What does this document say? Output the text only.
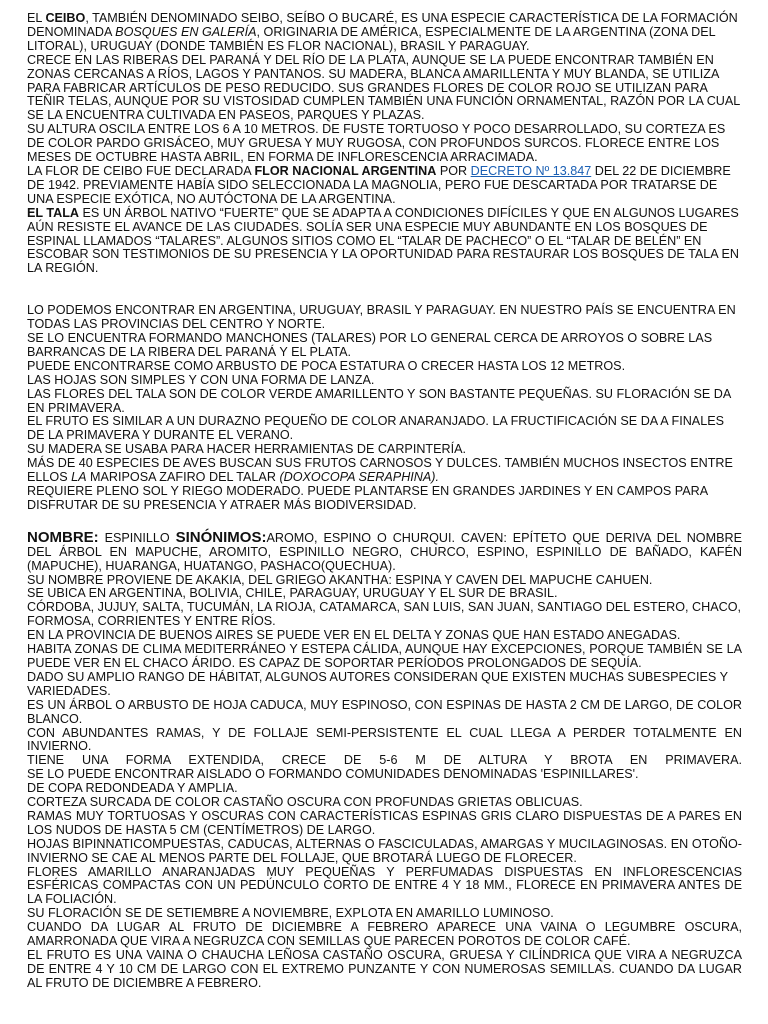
EL CEIBO, TAMBIÉN DENOMINADO SEIBO, SEÍBO O BUCARÉ, ES UNA ESPECIE CARACTERÍSTICA DE LA FORMACIÓN DENOMINADA BOSQUES EN GALERÍA, ORIGINARIA DE AMÉRICA, ESPECIALMENTE DE LA ARGENTINA (ZONA DEL LITORAL), URUGUAY (DONDE TAMBIÉN ES FLOR NACIONAL), BRASIL Y PARAGUAY.

CRECE EN LAS RIBERAS DEL PARANÁ Y DEL RÍO DE LA PLATA, AUNQUE SE LA PUEDE ENCONTRAR TAMBIÉN EN ZONAS CERCANAS A RÍOS, LAGOS Y PANTANOS. SU MADERA, BLANCA AMARILLENTA Y MUY BLANDA, SE UTILIZA PARA FABRICAR ARTÍCULOS DE PESO REDUCIDO. SUS GRANDES FLORES DE COLOR ROJO SE UTILIZAN PARA TEÑIR TELAS, AUNQUE POR SU VISTOSIDAD CUMPLEN TAMBIÉN UNA FUNCIÓN ORNAMENTAL, RAZÓN POR LA CUAL SE LA ENCUENTRA CULTIVADA EN PASEOS, PARQUES Y PLAZAS.

SU ALTURA OSCILA ENTRE LOS 6 A 10 METROS. DE FUSTE TORTUOSO Y POCO DESARROLLADO, SU CORTEZA ES DE COLOR PARDO GRISÁCEO, MUY GRUESA Y MUY RUGOSA, CON PROFUNDOS SURCOS. FLORECE ENTRE LOS MESES DE OCTUBRE HASTA ABRIL, EN FORMA DE INFLORESCENCIA ARRACIMADA.

LA FLOR DE CEIBO FUE DECLARADA FLOR NACIONAL ARGENTINA POR DECRETO Nº 13.847 DEL 22 DE DICIEMBRE DE 1942. PREVIAMENTE HABÍA SIDO SELECCIONADA LA MAGNOLIA, PERO FUE DESCARTADA POR TRATARSE DE UNA ESPECIE EXÓTICA, NO AUTÓCTONA DE LA ARGENTINA.

EL TALA ES UN ÁRBOL NATIVO “FUERTE” QUE SE ADAPTA A CONDICIONES DIFÍCILES Y QUE EN ALGUNOS LUGARES AÚN RESISTE EL AVANCE DE LAS CIUDADES. SOLÍA SER UNA ESPECIE MUY ABUNDANTE EN LOS BOSQUES DE ESPINAL LLAMADOS “TALARES”. ALGUNOS SITIOS COMO EL “TALAR DE PACHECO” O EL “TALAR DE BELÉN” EN ESCOBAR SON TESTIMONIOS DE SU PRESENCIA Y LA OPORTUNIDAD PARA RESTAURAR LOS BOSQUES DE TALA EN LA REGIÓN.

LO PODEMOS ENCONTRAR EN ARGENTINA, URUGUAY, BRASIL Y PARAGUAY. EN NUESTRO PAÍS SE ENCUENTRA EN TODAS LAS PROVINCIAS DEL CENTRO Y NORTE.

SE LO ENCUENTRA FORMANDO MANCHONES (TALARES) POR LO GENERAL CERCA DE ARROYOS O SOBRE LAS BARRANCAS DE LA RIBERA DEL PARANÁ Y EL PLATA.

PUEDE ENCONTRARSE COMO ARBUSTO DE POCA ESTATURA O CRECER HASTA LOS 12 METROS.

LAS HOJAS SON SIMPLES Y CON UNA FORMA DE LANZA.

LAS FLORES DEL TALA SON DE COLOR VERDE AMARILLENTO Y SON BASTANTE PEQUEÑAS. SU FLORACIÓN SE DA EN PRIMAVERA.

EL FRUTO ES SIMILAR A UN DURAZNO PEQUEÑO DE COLOR ANARANJADO. LA FRUCTIFICACIÓN SE DA A FINALES DE LA PRIMAVERA Y DURANTE EL VERANO.

SU MADERA SE USABA PARA HACER HERRAMIENTAS DE CARPINTERÍA.

MÁS DE 40 ESPECIES DE AVES BUSCAN SUS FRUTOS CARNOSOS Y DULCES. TAMBIÉN MUCHOS INSECTOS ENTRE ELLOS LA MARIPOSA ZAFIRO DEL TALAR (DOXOCOPA SERAPHINA).

REQUIERE PLENO SOL Y RIEGO MODERADO. PUEDE PLANTARSE EN GRANDES JARDINES Y EN CAMPOS PARA DISFRUTAR DE SU PRESENCIA Y ATRAER MÁS BIODIVERSIDAD.

NOMBRE: ESPINILLO SINÓNIMOS:AROMO, ESPINO O CHURQUI. CAVEN: EPÍTETO QUE DERIVA DEL NOMBRE DEL ÁRBOL EN MAPUCHE, AROMITO, ESPINILLO NEGRO, CHURCO, ESPINO, ESPINILLO DE BAÑADO, KAFÉN (MAPUCHE), HUARANGA, HUATANGO, PASHACO(QUECHUA).

SU NOMBRE PROVIENE DE AKAKIA, DEL GRIEGO AKANTHA: ESPINA Y CAVEN DEL MAPUCHE CAHUEN.

SE UBICA EN ARGENTINA, BOLIVIA, CHILE, PARAGUAY, URUGUAY Y EL SUR DE BRASIL.

CÓRDOBA, JUJUY, SALTA, TUCUMÁN, LA RIOJA, CATAMARCA, SAN LUIS, SAN JUAN, SANTIAGO DEL ESTERO, CHACO, FORMOSA, CORRIENTES Y ENTRE RÍOS.

EN LA PROVINCIA DE BUENOS AIRES SE PUEDE VER EN EL DELTA Y ZONAS QUE HAN ESTADO ANEGADAS.

HABITA ZONAS DE CLIMA MEDITERRÁNEO Y ESTEPA CÁLIDA, AUNQUE HAY EXCEPCIONES, PORQUE TAMBIÉN SE LA PUEDE VER EN EL CHACO ÁRIDO. ES CAPAZ DE SOPORTAR PERÍODOS PROLONGADOS DE SEQUÍA.

DADO SU AMPLIO RANGO DE HÁBITAT, ALGUNOS AUTORES CONSIDERAN QUE EXISTEN MUCHAS SUBESPECIES Y VARIEDADES.

ES UN ÁRBOL O ARBUSTO DE HOJA CADUCA, MUY ESPINOSO, CON ESPINAS DE HASTA 2 CM DE LARGO, DE COLOR BLANCO.

CON ABUNDANTES RAMAS, Y DE FOLLAJE SEMI-PERSISTENTE EL CUAL LLEGA A PERDER TOTALMENTE EN INVIERNO.

TIENE UNA FORMA EXTENDIDA, CRECE DE 5-6 M DE ALTURA Y BROTA EN PRIMAVERA.

SE LO PUEDE ENCONTRAR AISLADO O FORMANDO COMUNIDADES DENOMINADAS 'ESPINILLARES'.

DE COPA REDONDEADA Y AMPLIA.

CORTEZA SURCADA DE COLOR CASTAÑO OSCURA CON PROFUNDAS GRIETAS OBLICUAS.

RAMAS MUY TORTUOSAS Y OSCURAS CON CARACTERÍSTICAS ESPINAS GRIS CLARO DISPUESTAS DE A PARES EN LOS NUDOS DE HASTA 5 CM (CENTÍMETROS) DE LARGO.

HOJAS BIPINNATICOMPUESTAS, CADUCAS, ALTERNAS O FASCICULADAS, AMARGAS Y MUCILAGINOSAS. EN OTOÑO-INVIERNO SE CAE AL MENOS PARTE DEL FOLLAJE, QUE BROTARÁ LUEGO DE FLORECER.

FLORES AMARILLO ANARANJADAS MUY PEQUEÑAS Y PERFUMADAS DISPUESTAS EN INFLORESCENCIAS ESFÉRICAS COMPACTAS CON UN PEDÚNCULO CORTO DE ENTRE 4 Y 18 MM., FLORECE EN PRIMAVERA ANTES DE LA FOLIACIÓN.

SU FLORACIÓN SE DE SETIEMBRE A NOVIEMBRE, EXPLOTA EN AMARILLO LUMINOSO.

CUANDO DA LUGAR AL FRUTO DE DICIEMBRE A FEBRERO APARECE UNA VAINA O LEGUMBRE OSCURA, AMARRONADA QUE VIRA A NEGRUZCA CON SEMILLAS QUE PARECEN POROTOS DE COLOR CAFÉ.

EL FRUTO ES UNA VAINA O CHAUCHA LEÑOSA CASTAÑO OSCURA, GRUESA Y CILÍNDRICA QUE VIRA A NEGRUZCA DE ENTRE 4 Y 10 CM DE LARGO CON EL EXTREMO PUNZANTE Y CON NUMEROSAS SEMILLAS. CUANDO DA LUGAR AL FRUTO DE DICIEMBRE A FEBRERO.
